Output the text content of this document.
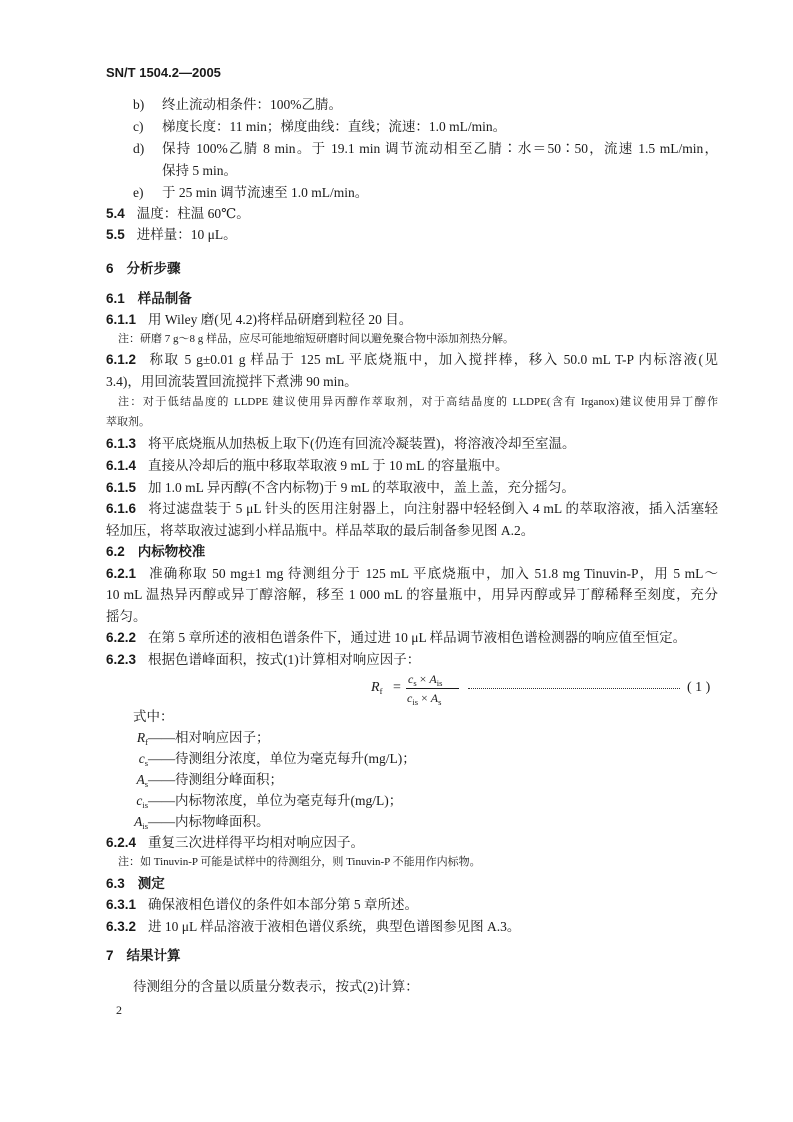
SN/T 1504.2—2005
b) 终止流动相条件：100%乙腈。
c) 梯度长度：11 min；梯度曲线：直线；流速：1.0 mL/min。
d) 保持 100%乙腈 8 min。于 19.1 min 调节流动相至乙腈∶水＝50∶50，流速 1.5 mL/min，
保持 5 min。
e) 于 25 min 调节流速至 1.0 mL/min。
5.4 温度：柱温 60℃。
5.5 进样量：10 μL。
6 分析步骤
6.1 样品制备
6.1.1 用 Wiley 磨(见 4.2)将样品研磨到粒径 20 目。
注：研磨 7 g～8 g 样品，应尽可能地缩短研磨时间以避免聚合物中添加剂热分解。
6.1.2 称取 5 g±0.01 g 样品于 125 mL 平底烧瓶中，加入搅拌棒，移入 50.0 mL T-P 内标溶液(见
3.4)，用回流装置回流搅拌下煮沸 90 min。
注：对于低结晶度的 LLDPE 建议使用异丙醇作萃取剂，对于高结晶度的 LLDPE(含有 Irganox)建议使用异丁醇作
萃取剂。
6.1.3 将平底烧瓶从加热板上取下(仍连有回流冷凝装置)，将溶液冷却至室温。
6.1.4 直接从冷却后的瓶中移取萃取液 9 mL 于 10 mL 的容量瓶中。
6.1.5 加 1.0 mL 异丙醇(不含内标物)于 9 mL 的萃取液中，盖上盖，充分摇匀。
6.1.6 将过滤盘装于 5 μL 针头的医用注射器上，向注射器中轻轻倒入 4 mL 的萃取溶液，插入活塞轻
轻加压，将萃取液过滤到小样品瓶中。样品萃取的最后制备参见图 A.2。
6.2 内标物校准
6.2.1 准确称取 50 mg±1 mg 待测组分于 125 mL 平底烧瓶中，加入 51.8 mg Tinuvin-P，用 5 mL～
10 mL 温热异丙醇或异丁醇溶解，移至 1 000 mL 的容量瓶中，用异丙醇或异丁醇稀释至刻度，充分
摇匀。
6.2.2 在第 5 章所述的液相色谱条件下，通过进 10 μL 样品调节液相色谱检测器的响应值至恒定。
6.2.3 根据色谱峰面积，按式(1)计算相对响应因子：
$R_f$ =
$c_s \times A_{is}$
$c_{is} \times A_s$
( 1 )
式中：
$R_f$ ——相对响应因子；
$c_s$ ——待测组分浓度，单位为毫克每升(mg/L)；
$A_s$ ——待测组分峰面积；
$c_{is}$ ——内标物浓度，单位为毫克每升(mg/L)；
$A_{is}$ ——内标物峰面积。
6.2.4 重复三次进样得平均相对响应因子。
注：如 Tinuvin-P 可能是试样中的待测组分，则 Tinuvin-P 不能用作内标物。
6.3 测定
6.3.1 确保液相色谱仪的条件如本部分第 5 章所述。
6.3.2 进 10 μL 样品溶液于液相色谱仪系统，典型色谱图参见图 A.3。
7 结果计算
待测组分的含量以质量分数表示，按式(2)计算：
2
